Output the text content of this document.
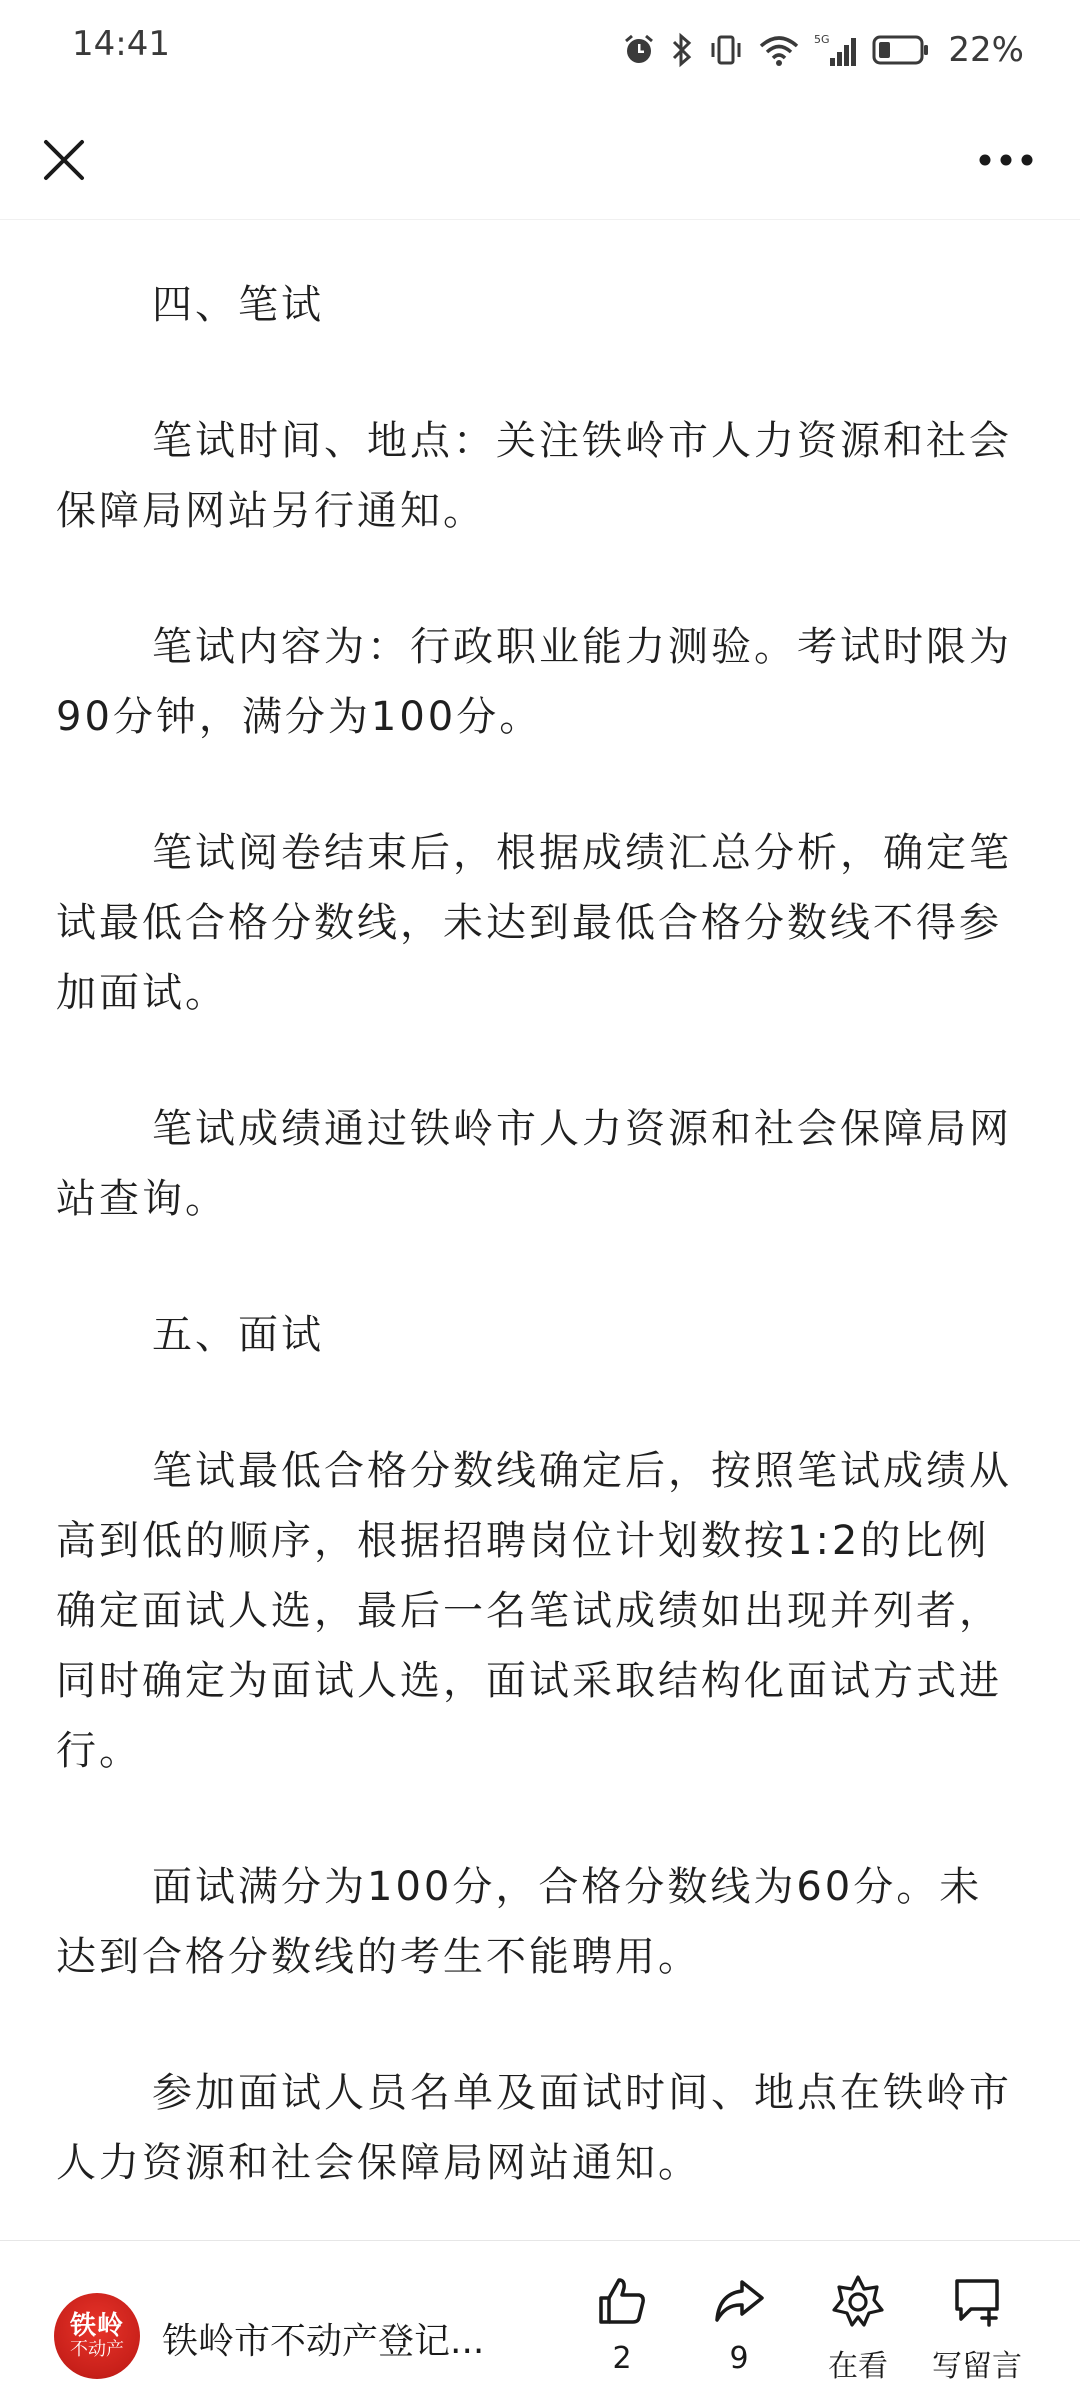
14:41	5G	22%

四、笔试

笔试时间、地点：关注铁岭市人力资源和社会保障局网站另行通知。

笔试内容为：行政职业能力测验。考试时限为90分钟，满分为100分。

笔试阅卷结束后，根据成绩汇总分析，确定笔试最低合格分数线，未达到最低合格分数线不得参加面试。

笔试成绩通过铁岭市人力资源和社会保障局网站查询。

五、面试

笔试最低合格分数线确定后，按照笔试成绩从高到低的顺序，根据招聘岗位计划数按1:2的比例确定面试人选，最后一名笔试成绩如出现并列者，同时确定为面试人选，面试采取结构化面试方式进行。

面试满分为100分，合格分数线为60分。未达到合格分数线的考生不能聘用。

参加面试人员名单及面试时间、地点在铁岭市人力资源和社会保障局网站通知。

铁岭
不动产 铁岭市不动产登记...	2	9	在看 写留言
